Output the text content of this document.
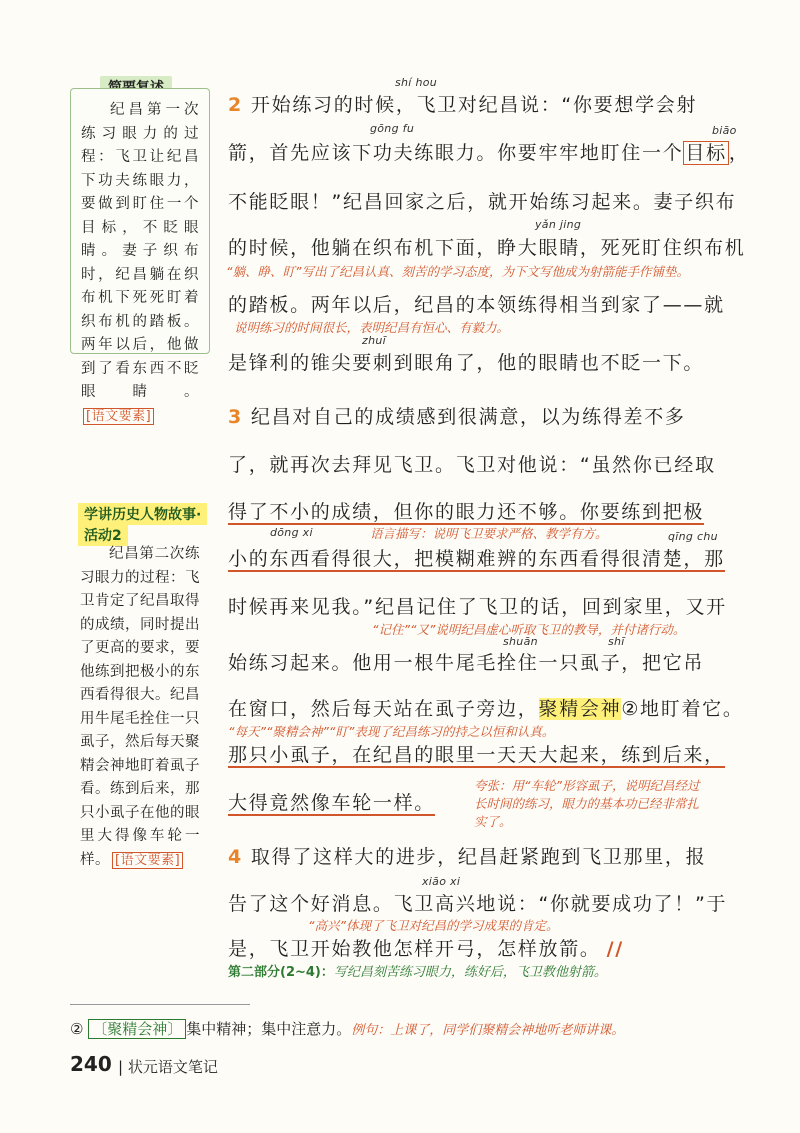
纪昌第一次练习眼力的过程：飞卫让纪昌下功夫练眼力，要做到盯住一个目标，不眨眼睛。妻子织布时，纪昌躺在织布机下死死盯着织布机的踏板。两年以后，他做到了看东西不眨眼睛。[语文要素]

学讲历史人物故事·
活动2

纪昌第二次练习眼力的过程：飞卫肯定了纪昌取得的成绩，同时提出了更高的要求，要他练到把极小的东西看得很大。纪昌用牛尾毛拴住一只虱子，然后每天聚精会神地盯着虱子看。练到后来，那只小虱子在他的眼里大得像车轮一样。 [语文要素]

shí hou
2 开始练习的时候，飞卫对纪昌说：“你要想学会射
gōng fu	biāo
箭，首先应该下功夫练眼力。你要牢牢地盯住一个 目标 ，
不能眨眼！”纪昌回家之后，就开始练习起来。妻子织布
yǎn jing
的时候，他躺在织布机下面，睁大眼睛，死死盯住织布机
“躺、睁、盯”写出了纪昌认真、刻苦的学习态度，为下文写他成为射箭能手作铺垫。
的踏板。两年以后，纪昌的本领练得相当到家了——就
说明练习的时间很长，表明纪昌有恒心、有毅力。
zhuī
是锋利的锥尖要刺到眼角了，他的眼睛也不眨一下。
3 纪昌对自己的成绩感到很满意，以为练得差不多
了，就再次去拜见飞卫。飞卫对他说：“虽然你已经取
得了不小的成绩，但你的眼力还不够。你要练到把极
语言描写：说明飞卫要求严格、教学有方。
dōng xi	qīng chu
小的东西看得很大，把模糊难辨的东西看得很清楚，那
时候再来见我。”纪昌记住了飞卫的话，回到家里，又开
“记住”“又”说明纪昌虚心听取飞卫的教导，并付诸行动。
shuān	shī
始练习起来。他用一根牛尾毛拴住一只虱子，把它吊
在窗口，然后每天站在虱子旁边，聚精会神②地盯着它。
“每天”“聚精会神”“盯”表现了纪昌练习的持之以恒和认真。
那只小虱子，在纪昌的眼里一天天大起来，练到后来，
大得竟然像车轮一样。
夸张：用“车轮”形容虱子，说明纪昌经过
长时间的练习，眼力的基本功已经非常扎
实了。
4 取得了这样大的进步，纪昌赶紧跑到飞卫那里，报
xiāo xi
告了这个好消息。飞卫高兴地说：“你就要成功了！”于
“高兴”体现了飞卫对纪昌的学习成果的肯定。
是，飞卫开始教他怎样开弓，怎样放箭。 //
第二部分(2~4)：写纪昌刻苦练习眼力，练好后，飞卫教他射箭。
② 〔聚精会神〕 集中精神；集中注意力。例句：上课了，同学们聚精会神地听老师讲课。
240 | 状元语文笔记
